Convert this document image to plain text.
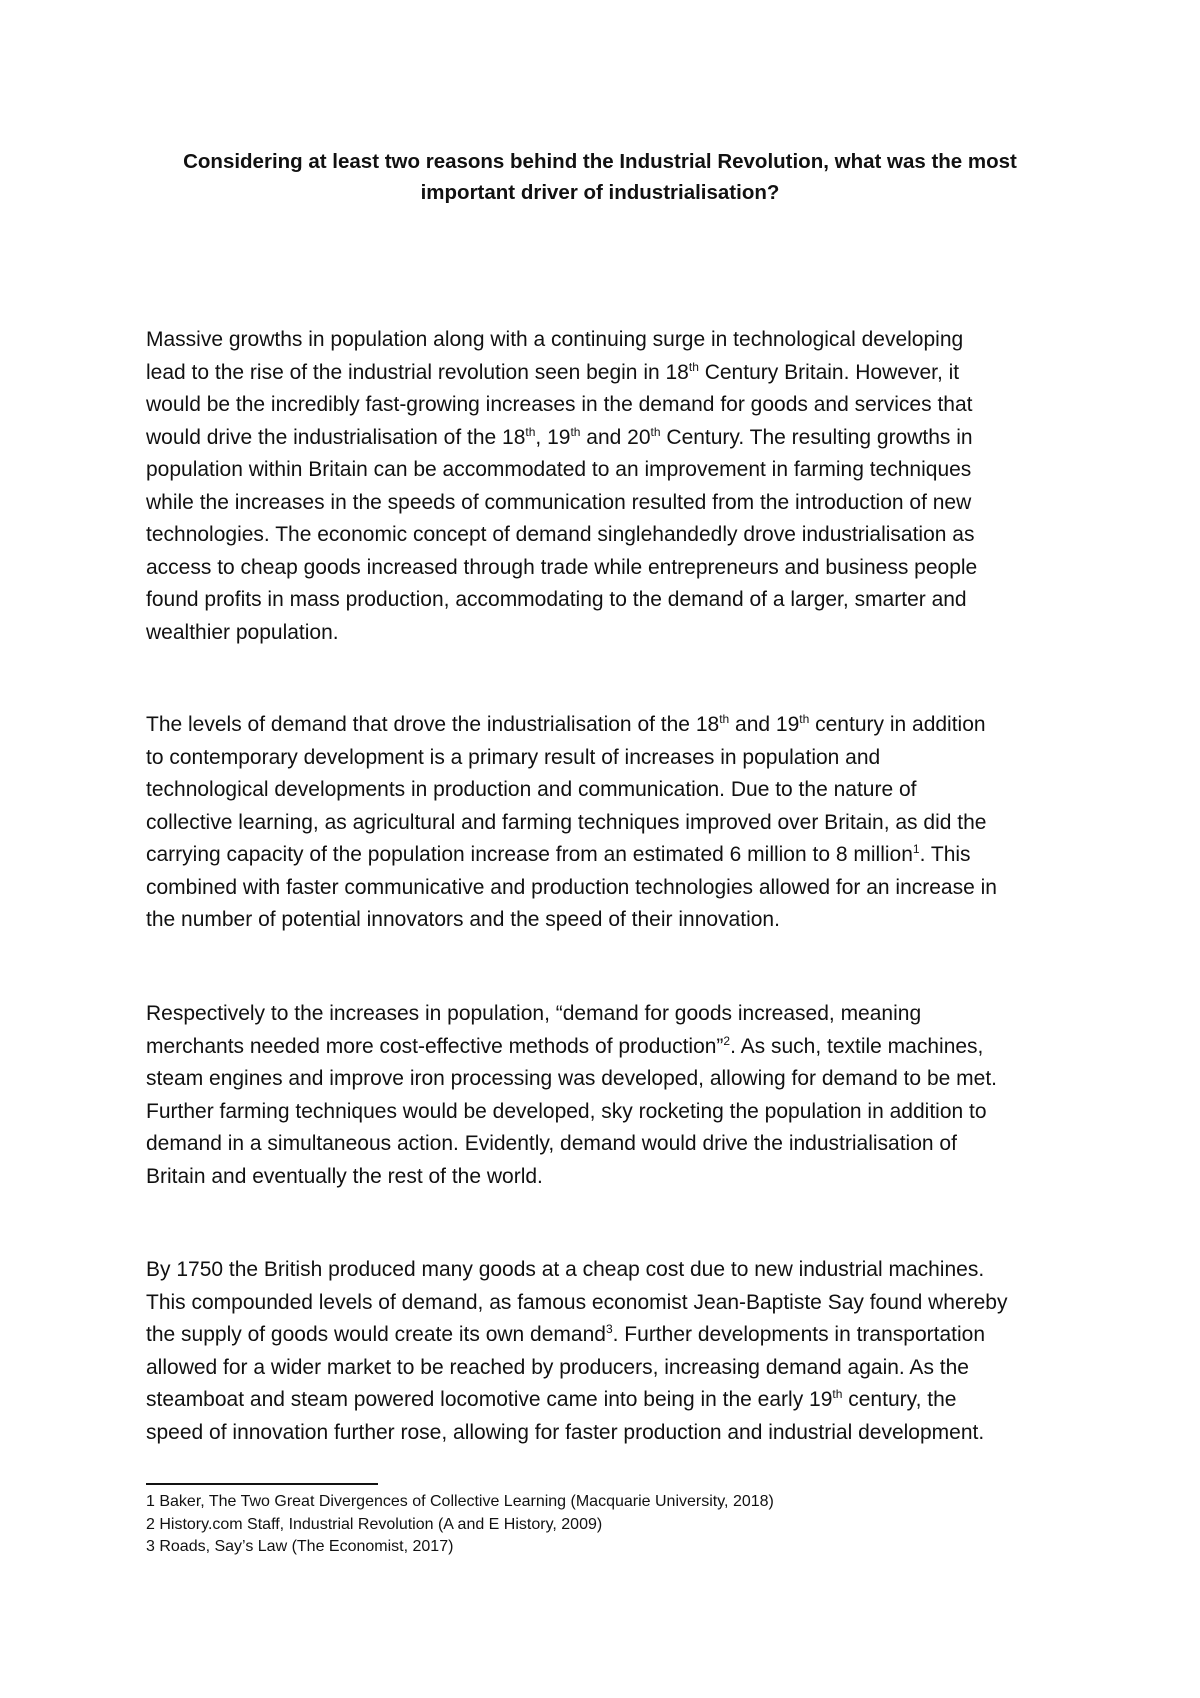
Considering at least two reasons behind the Industrial Revolution, what was the most
important driver of industrialisation?
Massive growths in population along with a continuing surge in technological developing
lead to the rise of the industrial revolution seen begin in 18th Century Britain. However, it
would be the incredibly fast-growing increases in the demand for goods and services that
would drive the industrialisation of the 18th, 19th and 20th Century. The resulting growths in
population within Britain can be accommodated to an improvement in farming techniques
while the increases in the speeds of communication resulted from the introduction of new
technologies. The economic concept of demand singlehandedly drove industrialisation as
access to cheap goods increased through trade while entrepreneurs and business people
found profits in mass production, accommodating to the demand of a larger, smarter and
wealthier population.
The levels of demand that drove the industrialisation of the 18th and 19th century in addition
to contemporary development is a primary result of increases in population and
technological developments in production and communication. Due to the nature of
collective learning, as agricultural and farming techniques improved over Britain, as did the
carrying capacity of the population increase from an estimated 6 million to 8 million$^1$. This
combined with faster communicative and production technologies allowed for an increase in
the number of potential innovators and the speed of their innovation.
Respectively to the increases in population, “demand for goods increased, meaning
merchants needed more cost-effective methods of production”$^2$. As such, textile machines,
steam engines and improve iron processing was developed, allowing for demand to be met.
Further farming techniques would be developed, sky rocketing the population in addition to
demand in a simultaneous action. Evidently, demand would drive the industrialisation of
Britain and eventually the rest of the world.
By 1750 the British produced many goods at a cheap cost due to new industrial machines.
This compounded levels of demand, as famous economist Jean-Baptiste Say found whereby
the supply of goods would create its own demand$^3$. Further developments in transportation
allowed for a wider market to be reached by producers, increasing demand again. As the
steamboat and steam powered locomotive came into being in the early 19th century, the
speed of innovation further rose, allowing for faster production and industrial development.
1 Baker, The Two Great Divergences of Collective Learning (Macquarie University, 2018)
2 History.com Staff, Industrial Revolution (A and E History, 2009)
3 Roads, Say’s Law (The Economist, 2017)
